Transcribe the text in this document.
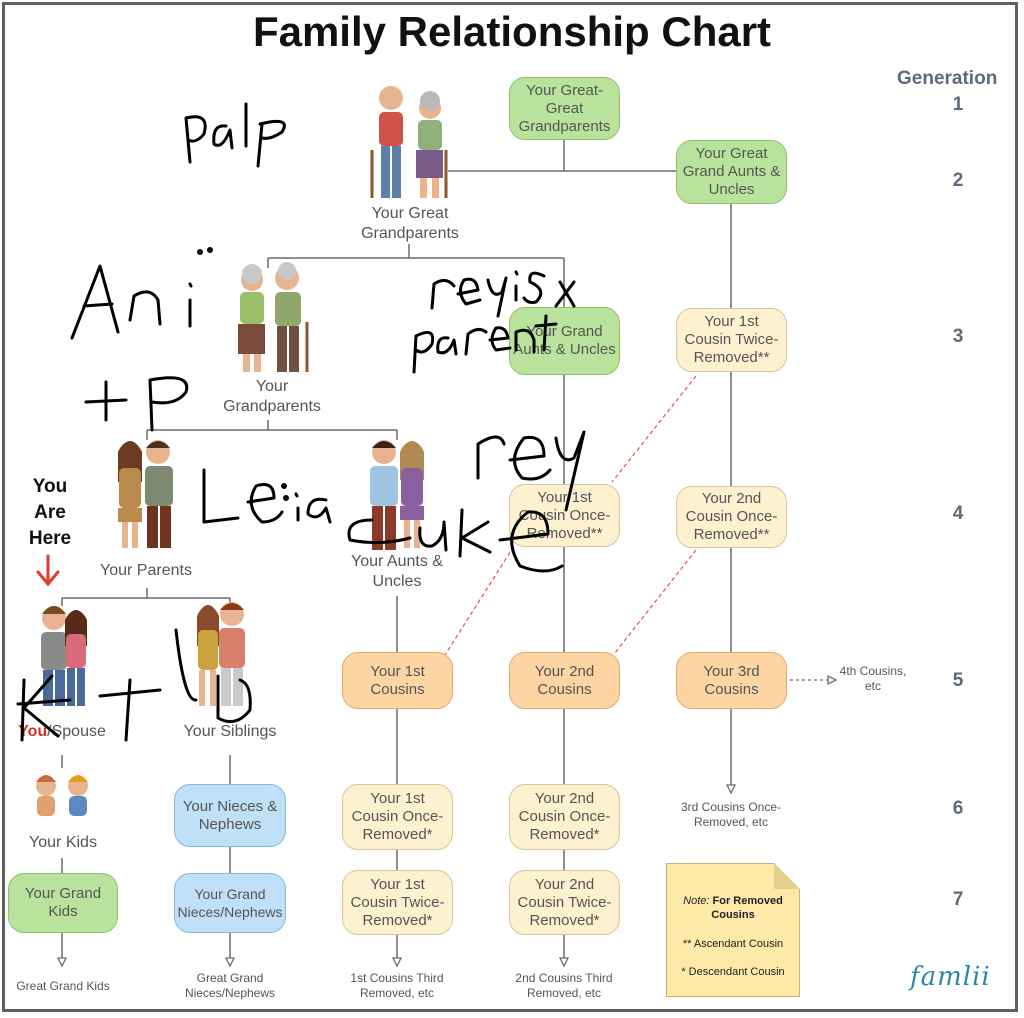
Family Relationship Chart
Your Great-Great Grandparents
Your Great Grand Aunts & Uncles
Your Grand Aunts & Uncles
Your 1st Cousin Twice-Removed**
Your 1st Cousin Once-Removed**
Your 2nd Cousin Once-Removed**
Your 1st Cousins
Your 2nd Cousins
Your 3rd Cousins
Your 1st Cousin Once-Removed*
Your 2nd Cousin Once-Removed*
Your 1st Cousin Twice-Removed*
Your 2nd Cousin Twice-Removed*
Your Nieces & Nephews
Your Grand Nieces/Nephews
Your Grand Kids
Your Great Grandparents
Your Grandparents
Your Parents
Your Aunts & Uncles
You/Spouse	Your Siblings
Your Kids
You Are Here
Great Grand Kids
Great Grand Nieces/Nephews
1st Cousins Third Removed, etc
2nd Cousins Third Removed, etc
3rd Cousins Once-Removed, etc
4th Cousins, etc
Generation
1
2
3
4
5
6
7
Note: For Removed Cousins
** Ascendant Cousin
* Descendant Cousin	famlii
